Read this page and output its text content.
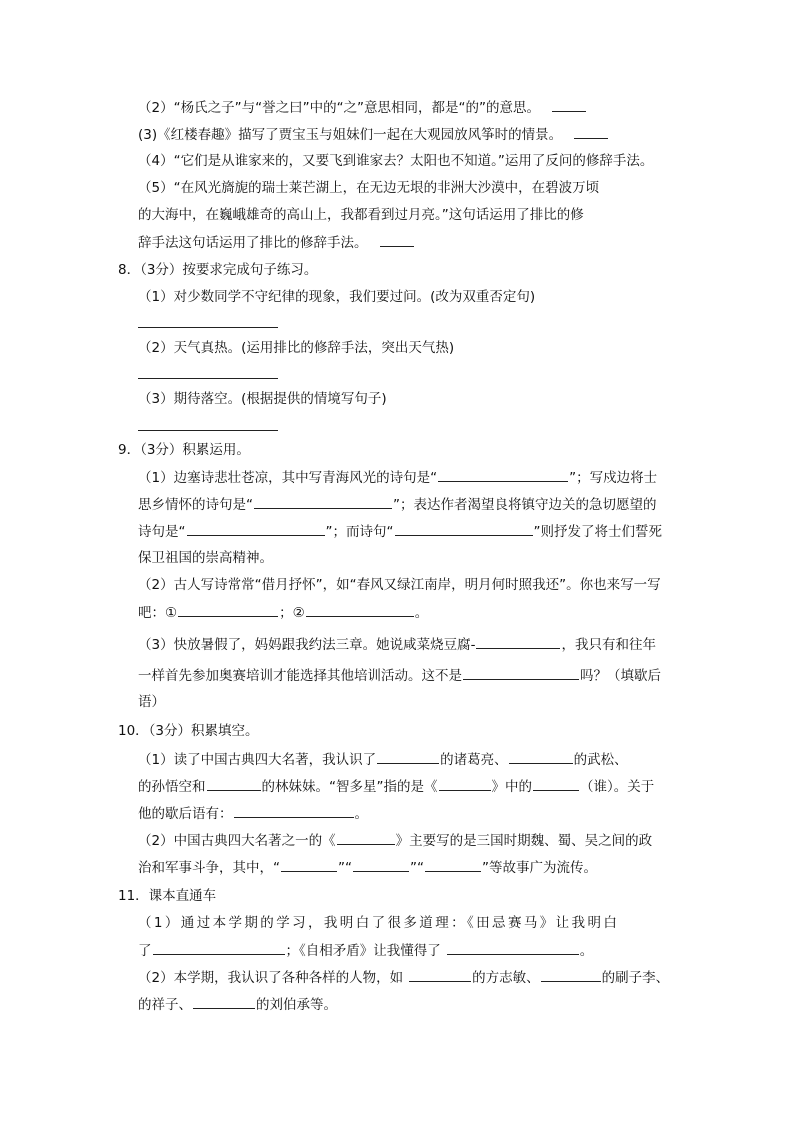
（2）“杨氏之子”与“誉之曰”中的“之”意思相同，都是“的”的意思。
(3)《红楼春趣》描写了贾宝玉与姐妹们一起在大观园放风筝时的情景。
（4）“它们是从谁家来的，又要飞到谁家去？太阳也不知道。”运用了反问的修辞手法。
（5）“在风光旖旎的瑞士莱芒湖上，在无边无垠的非洲大沙漠中，在碧波万顷
的大海中，在巍峨雄奇的高山上，我都看到过月亮。”这句话运用了排比的修
辞手法这句话运用了排比的修辞手法。
8．（3分）按要求完成句子练习。
（1）对少数同学不守纪律的现象，我们要过问。(改为双重否定句)
（2）天气真热。(运用排比的修辞手法，突出天气热)
（3）期待落空。(根据提供的情境写句子)
9．（3分）积累运用。
（1）边塞诗悲壮苍凉，其中写青海风光的诗句是“	”；写戍边将士
思乡情怀的诗句是“	”；表达作者渴望良将镇守边关的急切愿望的
诗句是“	”；而诗句“	”则抒发了将士们誓死
保卫祖国的崇高精神。
（2）古人写诗常常“借月抒怀”，如“春风又绿江南岸，明月何时照我还”。你也来写一写
吧：①	；②	。
（3）快放暑假了，妈妈跟我约法三章。她说咸菜烧豆腐-	，我只有和往年
一样首先参加奥赛培训才能选择其他培训活动。这不是	吗？（填歇后
语）
10．（3分）积累填空。
（1）读了中国古典四大名著，我认识了	的诸葛亮、	的武松、
的孙悟空和	的林妹妹。“智多星”指的是《	》中的	（谁）。关于
他的歇后语有：	。
（2）中国古典四大名著之一的《	》主要写的是三国时期魏、蜀、吴之间的政
治和军事斗争，其中，“	”“	”“	”等故事广为流传。
11．课本直通车
（1）通过本学期的学习，我明白了很多道理：《田忌赛马》让我明白
了	；《自相矛盾》让我懂得了	。
（2）本学期，我认识了各种各样的人物，如	的方志敏、	的刷子李、
的祥子、	的刘伯承等。
